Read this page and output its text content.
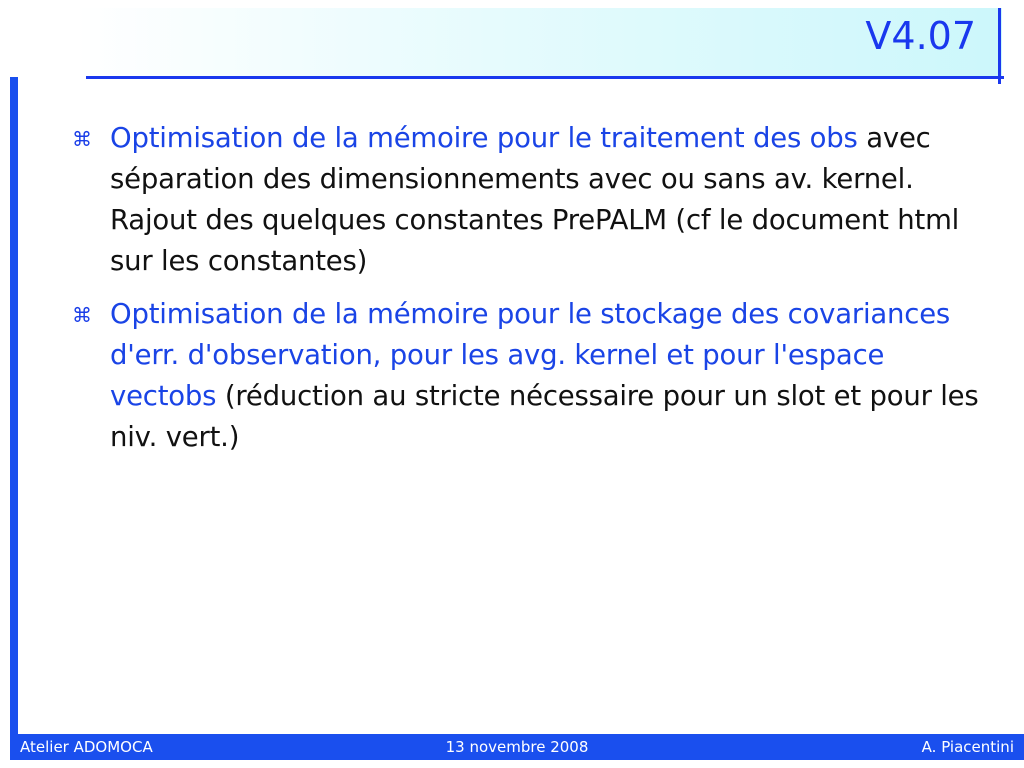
V4.07
⌘ Optimisation de la mémoire pour le traitement des obs avec séparation des dimensionnements avec ou sans av. kernel. Rajout des quelques constantes PrePALM (cf le document html sur les constantes)
⌘ Optimisation de la mémoire pour le stockage des covariances d'err. d'observation, pour les avg. kernel et pour l'espace vectobs (réduction au stricte nécessaire pour un slot et pour les niv. vert.)
Atelier ADOMOCA	13 novembre 2008	A. Piacentini
